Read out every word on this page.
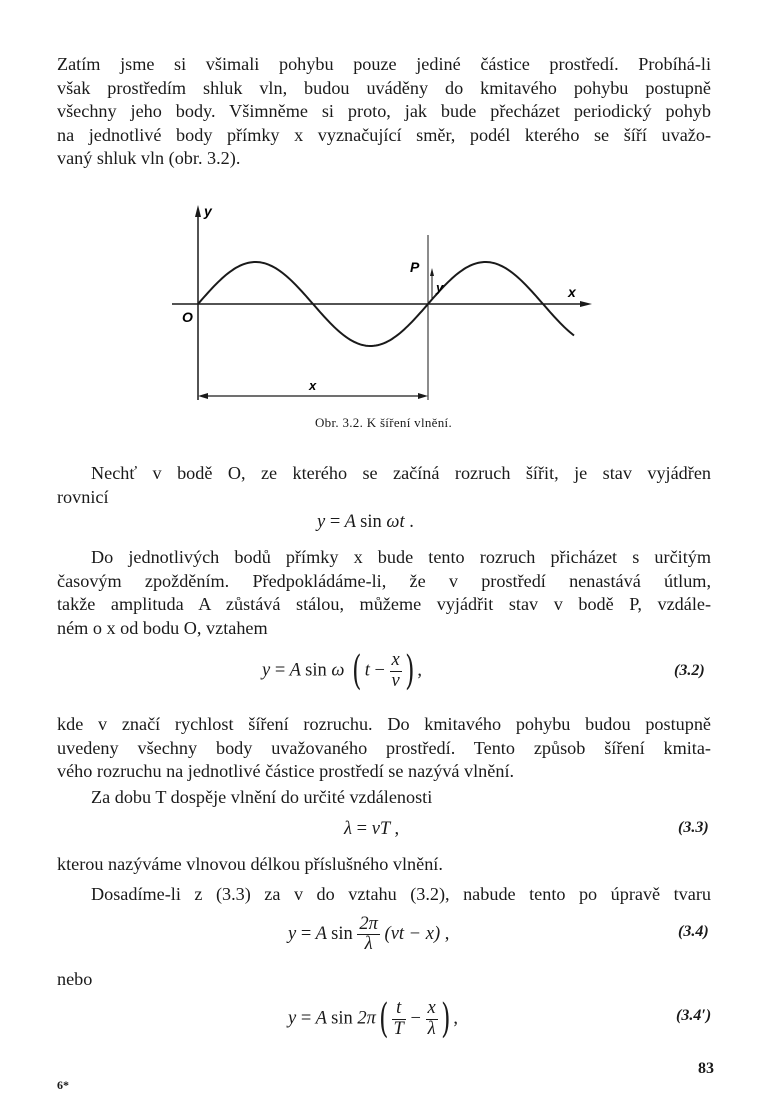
Zatím jsme si všimali pohybu pouze jediné částice prostředí. Probíhá-li
však prostředím shluk vln, budou uváděny do kmitavého pohybu postupně
všechny jeho body. Všimněme si proto, jak bude přecházet periodický pohyb
na jednotlivé body přímky x vyznačující směr, podél kterého se šíří uvažo-
vaný shluk vln (obr. 3.2).
y
x
O
P
y
x
Obr. 3.2. K šíření vlnění.
Nechť v bodě O, ze kterého se začíná rozruch šířit, je stav vyjádřen
rovnicí
y = A sin ωt .
Do jednotlivých bodů přímky x bude tento rozruch přicházet s určitým
časovým zpožděním. Předpokládáme-li, že v prostředí nenastává útlum,
takže amplituda A zůstává stálou, můžeme vyjádřit stav v bodě P, vzdále-
ném o x od bodu O, vztahem
y = A sin ω ( $t - \frac{x}{v}$ ) ,	(3.2)
kde v značí rychlost šíření rozruchu. Do kmitavého pohybu budou postupně
uvedeny všechny body uvažovaného prostředí. Tento způsob šíření kmita-
vého rozruchu na jednotlivé částice prostředí se nazývá vlnění.
Za dobu T dospěje vlnění do určité vzdálenosti
λ = vT ,	(3.3)
kterou nazýváme vlnovou délkou příslušného vlnění.
Dosadíme-li z (3.3) za v do vztahu (3.2), nabude tento po úpravě tvaru
y = A $\sin \frac{2\pi}{\lambda} (vt - x)$ ,	(3.4)
nebo
y = A $\sin 2\pi( \frac{t}{T} - \frac{x}{\lambda}$ ) ,	(3.4′)
83
6*
